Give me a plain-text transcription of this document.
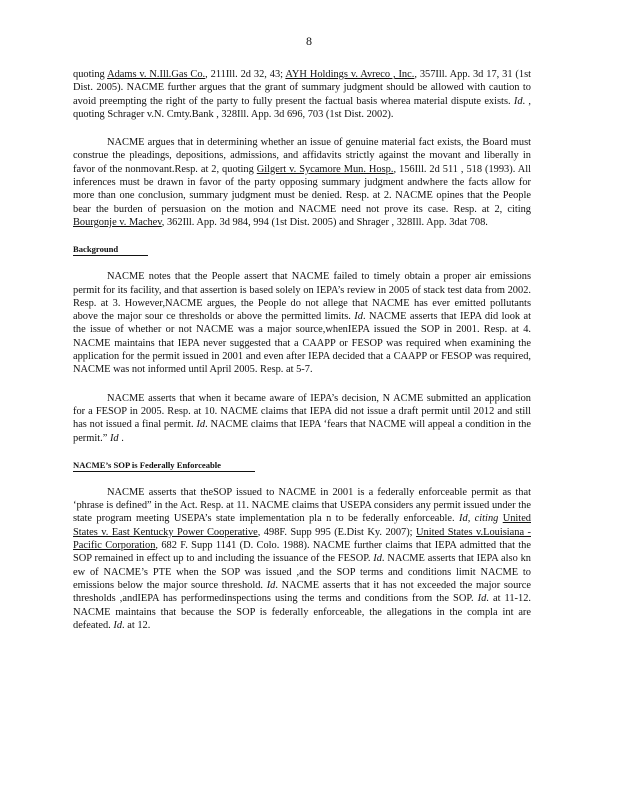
8

quoting Adams v. N.Ill.Gas Co., 211Ill. 2d 32, 43; AYH Holdings v. Avreco , Inc., 357Ill. App. 3d 17, 31 (1st Dist. 2005). NACME further argues that the grant of summary judgment should be allowed with caution to avoid preempting the right of the party to fully present the factual basis wherea material dispute exists. Id. , quoting Schrager v.N. Cmty.Bank , 328Ill. App. 3d 696, 703 (1st Dist. 2002).

NACME argues that in determining whether an issue of genuine material fact exists, the Board must construe the pleadings, depositions, admissions, and affidavits strictly against the movant and liberally in favor of the nonmovant.Resp. at 2, quoting Gilgert v. Sycamore Mun. Hosp., 156Ill. 2d 511 , 518 (1993). All inferences must be drawn in favor of the party opposing summary judgment andwhere the facts allow for more than one conclusion, summary judgment must be denied. Resp. at 2. NACME opines that the People bear the burden of persuasion on the motion and NACME need not prove its case. Resp. at 2, citing Bourgonje v. Machev, 362Ill. App. 3d 984, 994 (1st Dist. 2005) and Shrager , 328Ill. App. 3dat 708.

Background

NACME notes that the People assert that NACME failed to timely obtain a proper air emissions permit for its facility, and that assertion is based solely on IEPA’s review in 2005 of stack test data from 2002. Resp. at 3. However,NACME argues, the People do not allege that NACME has ever emitted pollutants above the major sour ce thresholds or above the permitted limits. Id. NACME asserts that IEPA did look at the issue of whether or not NACME was a major source,whenIEPA issued the SOP in 2001. Resp. at 4. NACME maintains that IEPA never suggested that a CAAPP or FESOP was required when examining the application for the permit issued in 2001 and even after IEPA decided that a CAAPP or FESOP was required, NACME was not informed until April 2005. Resp. at 5-7.

NACME asserts that when it became aware of IEPA’s decision, N ACME submitted an application for a FESOP in 2005. Resp. at 10. NACME claims that IEPA did not issue a draft permit until 2012 and still has not issued a final permit. Id. NACME claims that IEPA ‘fears that NACME will appeal a condition in the permit.” Id .

NACME’s SOP is Federally Enforceable

NACME asserts that theSOP issued to NACME in 2001 is a federally enforceable permit as that ‘phrase is defined” in the Act. Resp. at 11. NACME claims that USEPA considers any permit issued under the state program meeting USEPA’s state implementation pla n to be federally enforceable. Id, citing United States v. East Kentucky Power Cooperative, 498F. Supp 995 (E.Dist Ky. 2007); United States v.Louisiana -Pacific Corporation, 682 F. Supp 1141 (D. Colo. 1988). NACME further claims that IEPA admitted that the SOP remained in effect up to and including the issuance of the FESOP. Id. NACME asserts that IEPA also kn ew of NACME’s PTE when the SOP was issued ,and the SOP terms and conditions limit NACME to emissions below the major source threshold. Id. NACME asserts that it has not exceeded the major source thresholds ,andIEPA has performedinspections using the terms and conditions from the SOP. Id. at 11-12. NACME maintains that because the SOP is federally enforceable, the allegations in the compla int are defeated. Id. at 12.
